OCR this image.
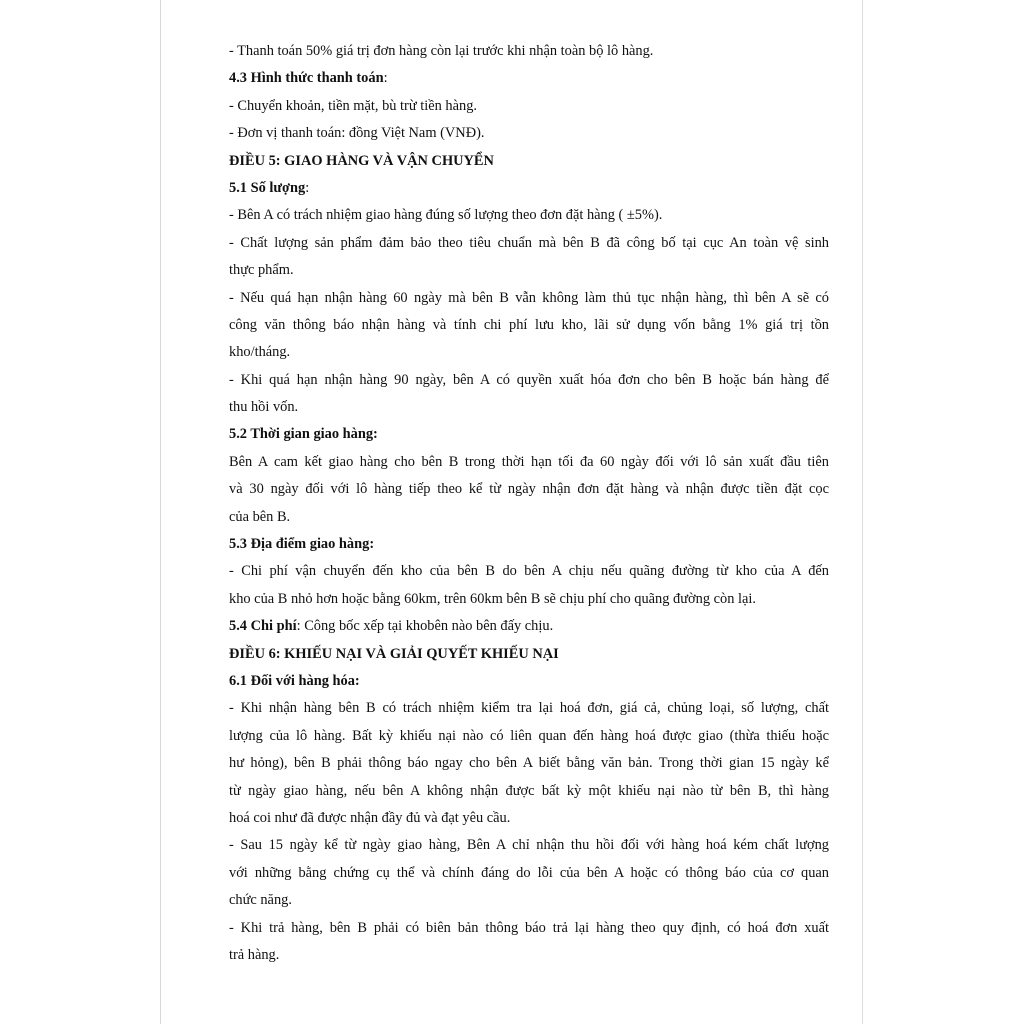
- Thanh toán 50% giá trị đơn hàng còn lại trước khi nhận toàn bộ lô hàng.
4.3 Hình thức thanh toán:
- Chuyển khoản, tiền mặt, bù trừ tiền hàng.
- Đơn vị thanh toán: đồng Việt Nam (VNĐ).
ĐIỀU 5: GIAO HÀNG VÀ VẬN CHUYỂN
5.1 Số lượng:
- Bên A có trách nhiệm giao hàng đúng số lượng theo đơn đặt hàng ( ±5%).
- Chất lượng sản phẩm đảm bảo theo tiêu chuẩn mà bên B đã công bố tại cục An toàn vệ sinh
thực phẩm.
- Nếu quá hạn nhận hàng 60 ngày mà bên B vẫn không làm thủ tục nhận hàng, thì bên A sẽ có
công văn thông báo nhận hàng và tính chi phí lưu kho, lãi sử dụng vốn bằng 1% giá trị tồn
kho/tháng.
- Khi quá hạn nhận hàng 90 ngày, bên A có quyền xuất hóa đơn cho bên B hoặc bán hàng để
thu hồi vốn.
5.2 Thời gian giao hàng:
Bên A cam kết giao hàng cho bên B trong thời hạn tối đa 60 ngày đối với lô sản xuất đầu tiên
và 30 ngày đối với lô hàng tiếp theo kể từ ngày nhận đơn đặt hàng và nhận được tiền đặt cọc
của bên B.
5.3 Địa điểm giao hàng:
- Chi phí vận chuyển đến kho của bên B do bên A chịu nếu quãng đường từ kho của A đến
kho của B nhỏ hơn hoặc bằng 60km, trên 60km bên B sẽ chịu phí cho quãng đường còn lại.
5.4 Chi phí: Công bốc xếp tại khobên nào bên đấy chịu.
ĐIỀU 6: KHIẾU NẠI VÀ GIẢI QUYẾT KHIẾU NẠI
6.1 Đối với hàng hóa:
- Khi nhận hàng bên B có trách nhiệm kiểm tra lại hoá đơn, giá cả, chủng loại, số lượng, chất
lượng của lô hàng. Bất kỳ khiếu nại nào có liên quan đến hàng hoá được giao (thừa thiếu hoặc
hư hỏng), bên B phải thông báo ngay cho bên A biết bằng văn bản. Trong thời gian 15 ngày kể
từ ngày giao hàng, nếu bên A không nhận được bất kỳ một khiếu nại nào từ bên B, thì hàng
hoá coi như đã được nhận đầy đủ và đạt yêu cầu.
- Sau 15 ngày kể từ ngày giao hàng, Bên A chỉ nhận thu hồi đối với hàng hoá kém chất lượng
với những bằng chứng cụ thể và chính đáng do lỗi của bên A hoặc có thông báo của cơ quan
chức năng.
- Khi trả hàng, bên B phải có biên bản thông báo trả lại hàng theo quy định, có hoá đơn xuất
trả hàng.
